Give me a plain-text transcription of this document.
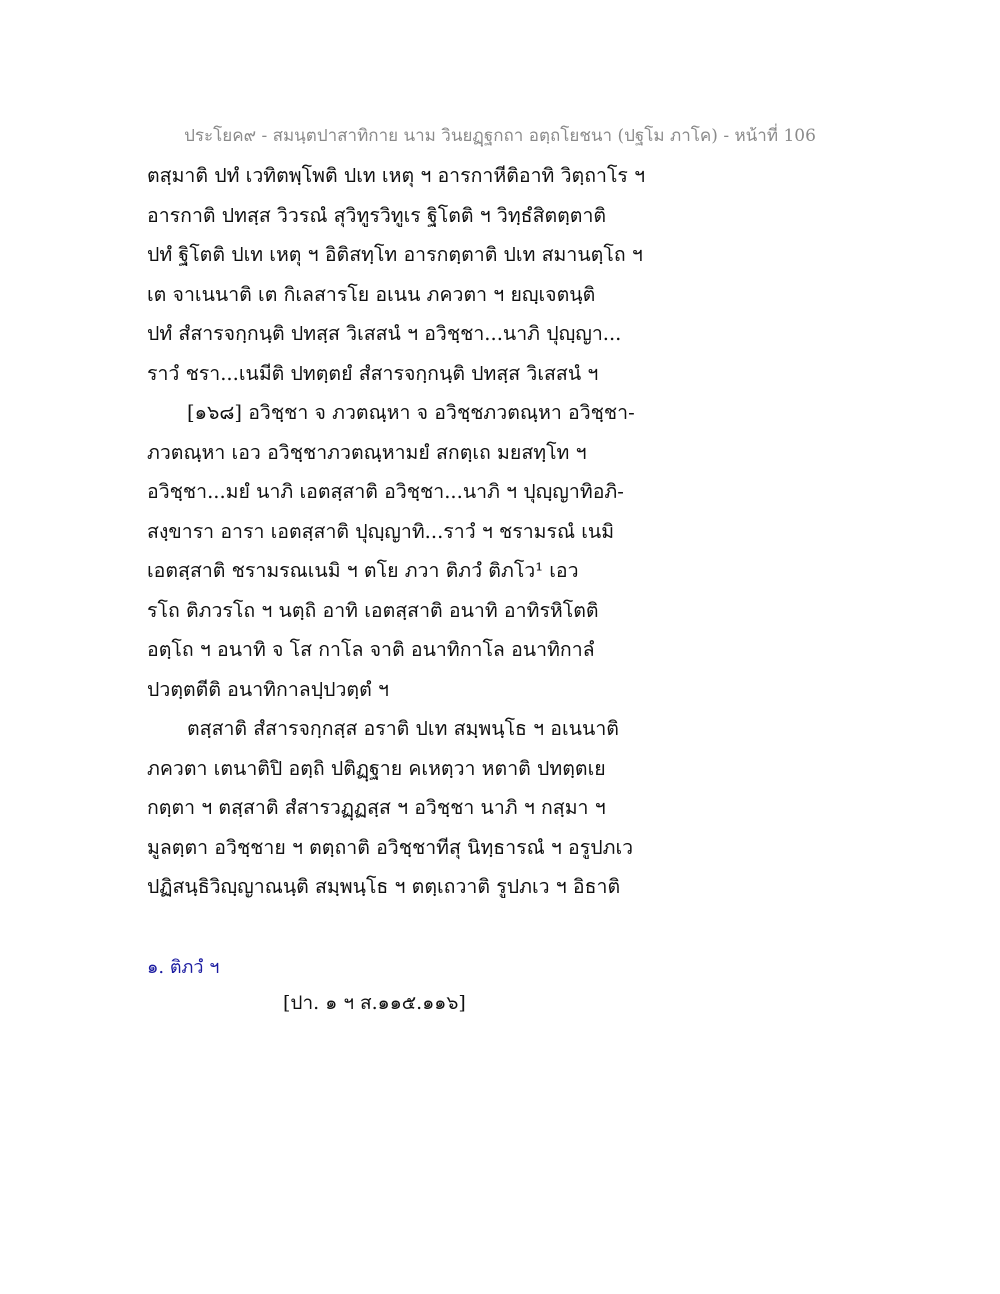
ประโยค๙ - สมนฺตปาสาทิกาย นาม วินยฏฺฐกถา อตฺถโยชนา (ปฐโม ภาโค) - หน้าที่ 106
ตสฺมาติ ปทํ เวทิตพฺโพติ ปเท เหตุ ฯ อารกาหีติอาทิ วิตฺถาโร ฯ
อารกาติ ปทสฺส วิวรณํ สุวิทูรวิทูเร ฐิโตติ ฯ วิทฺธํสิตตฺตาติ
ปทํ ฐิโตติ ปเท เหตุ ฯ อิติสทฺโท อารกตฺตาติ ปเท สมานตฺโถ ฯ
เต จาเนนาติ เต กิเลสารโย อเนน ภควตา ฯ ยญฺเจตนฺติ
ปทํ สํสารจกฺกนฺติ ปทสฺส วิเสสนํ ฯ อวิชฺชา...นาภิ ปุญฺญา...
ราวํ ชรา...เนมีติ ปทตฺตยํ สํสารจกฺกนฺติ ปทสฺส วิเสสนํ ฯ
[๑๖๘] อวิชฺชา จ ภวตณฺหา จ อวิชฺชภวตณฺหา อวิชฺชา-
ภวตณฺหา เอว อวิชฺชาภวตณฺหามยํ สกตฺเถ มยสทฺโท ฯ
อวิชฺชา...มยํ นาภิ เอตสฺสาติ อวิชฺชา...นาภิ ฯ ปุญฺญาทิอภิ-
สงฺขารา อารา เอตสฺสาติ ปุญฺญาทิ...ราวํ ฯ ชรามรณํ เนมิ
เอตสฺสาติ ชรามรณเนมิ ฯ ตโย ภวา ติภวํ ติภโว¹ เอว
รโถ ติภวรโถ ฯ นตฺถิ อาทิ เอตสฺสาติ อนาทิ อาทิรหิโตติ
อตฺโถ ฯ อนาทิ จ โส กาโล จาติ อนาทิกาโล อนาทิกาลํ
ปวตฺตตีติ อนาทิกาลปฺปวตฺตํ ฯ
ตสฺสาติ สํสารจกฺกสฺส อราติ ปเท สมฺพนฺโธ ฯ อเนนาติ
ภควตา เตนาติปิ อตฺถิ ปติฏฺฐาย คเหตฺวา หตาติ ปทตฺตเย
กตฺตา ฯ ตสฺสาติ สํสารวฏฺฏสฺส ฯ อวิชฺชา นาภิ ฯ กสฺมา ฯ
มูลตฺตา อวิชฺชาย ฯ ตตฺถาติ อวิชฺชาทีสุ นิทฺธารณํ ฯ อรูปภเว
ปฏิสนฺธิวิญฺญาณนฺติ สมฺพนฺโธ ฯ ตตฺเถวาติ รูปภเว ฯ อิธาติ
๑. ติภวํ ฯ
[ปา. ๑ ฯ ส.๑๑๕.๑๑๖]
